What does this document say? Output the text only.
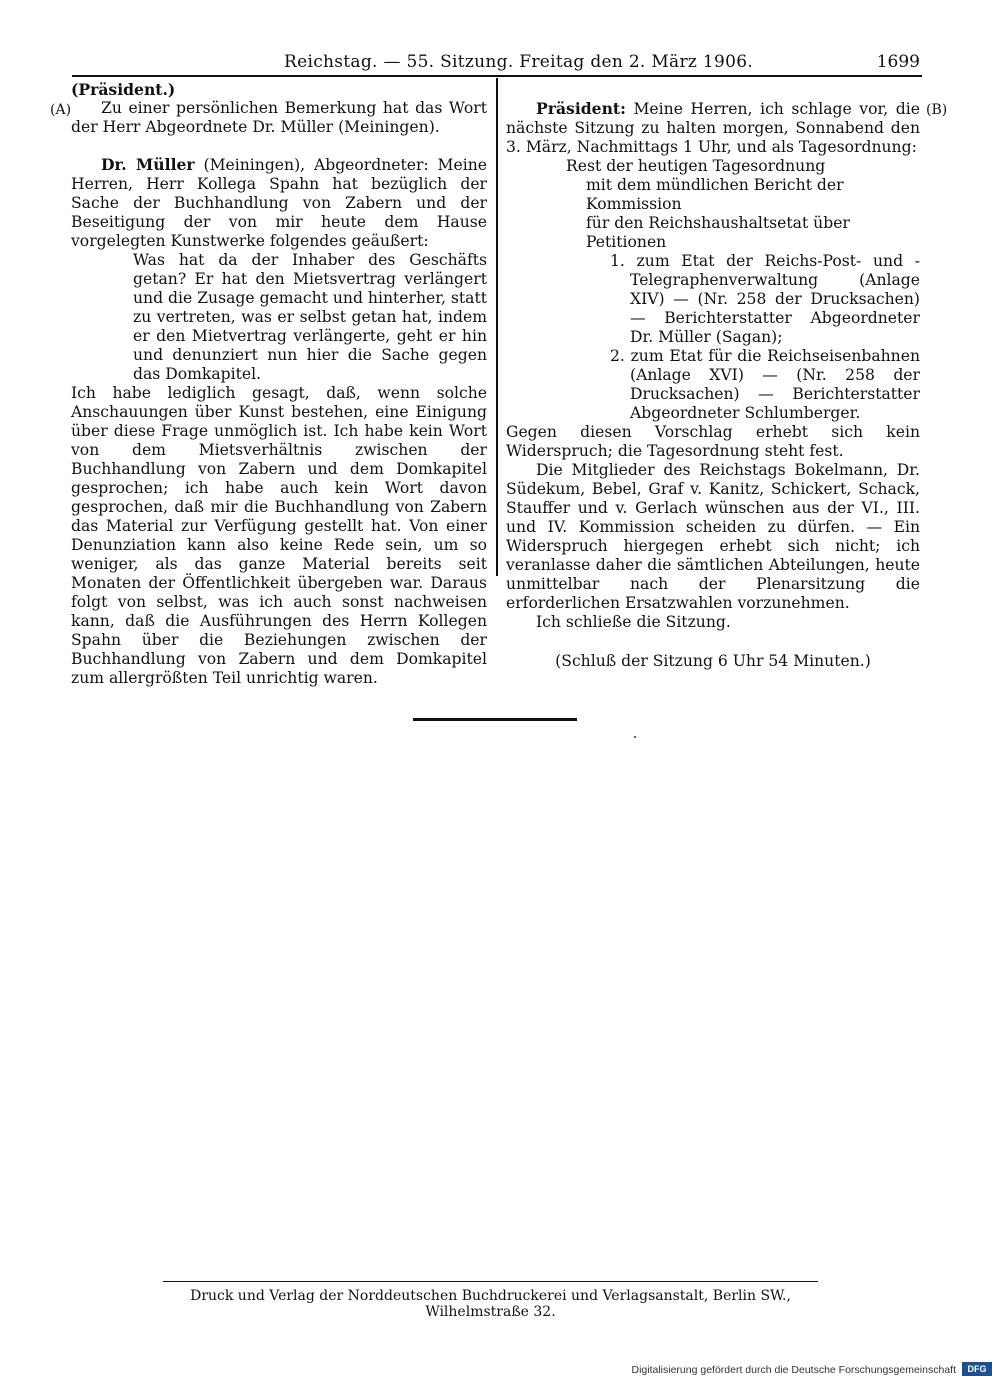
Reichstag. — 55. Sitzung. Freitag den 2. März 1906.	1699
(A)	(B)

(Präsident.)

Zu einer persönlichen Bemerkung hat das Wort der Herr Abgeordnete Dr. Müller (Meiningen).

Dr. Müller (Meiningen), Abgeordneter: Meine Herren, Herr Kollega Spahn hat bezüglich der Sache der Buchhandlung von Zabern und der Beseitigung der von mir heute dem Hause vorgelegten Kunstwerke folgendes geäußert:

Was hat da der Inhaber des Geschäfts getan? Er hat den Mietsvertrag verlängert und die Zusage gemacht und hinterher, statt zu vertreten, was er selbst getan hat, indem er den Mietvertrag verlängerte, geht er hin und denunziert nun hier die Sache gegen das Domkapitel.

Ich habe lediglich gesagt, daß, wenn solche Anschauungen über Kunst bestehen, eine Einigung über diese Frage unmöglich ist. Ich habe kein Wort von dem Mietsverhältnis zwischen der Buchhandlung von Zabern und dem Domkapitel gesprochen; ich habe auch kein Wort davon gesprochen, daß mir die Buchhandlung von Zabern das Material zur Verfügung gestellt hat. Von einer Denunziation kann also keine Rede sein, um so weniger, als das ganze Material bereits seit Monaten der Öffentlichkeit übergeben war. Daraus folgt von selbst, was ich auch sonst nachweisen kann, daß die Ausführungen des Herrn Kollegen Spahn über die Beziehungen zwischen der Buchhandlung von Zabern und dem Domkapitel zum allergrößten Teil unrichtig waren.

Präsident: Meine Herren, ich schlage vor, die nächste Sitzung zu halten morgen, Sonnabend den 3. März, Nachmittags 1 Uhr, und als Tagesordnung:

Rest der heutigen Tagesordnung

mit dem mündlichen Bericht der Kommission

für den Reichshaushaltsetat über Petitionen

1. zum Etat der Reichs-Post- und -Telegraphenverwaltung (Anlage XIV) — (Nr. 258 der Drucksachen) — Berichterstatter Abgeordneter Dr. Müller (Sagan);

2. zum Etat für die Reichseisenbahnen (Anlage XVI) — (Nr. 258 der Drucksachen) — Berichterstatter Abgeordneter Schlumberger.

Gegen diesen Vorschlag erhebt sich kein Widerspruch; die Tagesordnung steht fest.

Die Mitglieder des Reichstags Bokelmann, Dr. Südekum, Bebel, Graf v. Kanitz, Schickert, Schack, Stauffer und v. Gerlach wünschen aus der VI., III. und IV. Kommission scheiden zu dürfen. — Ein Widerspruch hiergegen erhebt sich nicht; ich veranlasse daher die sämtlichen Abteilungen, heute unmittelbar nach der Plenarsitzung die erforderlichen Ersatzwahlen vorzunehmen.

Ich schließe die Sitzung.

(Schluß der Sitzung 6 Uhr 54 Minuten.)

Druck und Verlag der Norddeutschen Buchdruckerei und Verlagsanstalt, Berlin SW., Wilhelmstraße 32.
Digitalisierung gefördert durch die Deutsche Forschungsgemeinschaft	DFG
